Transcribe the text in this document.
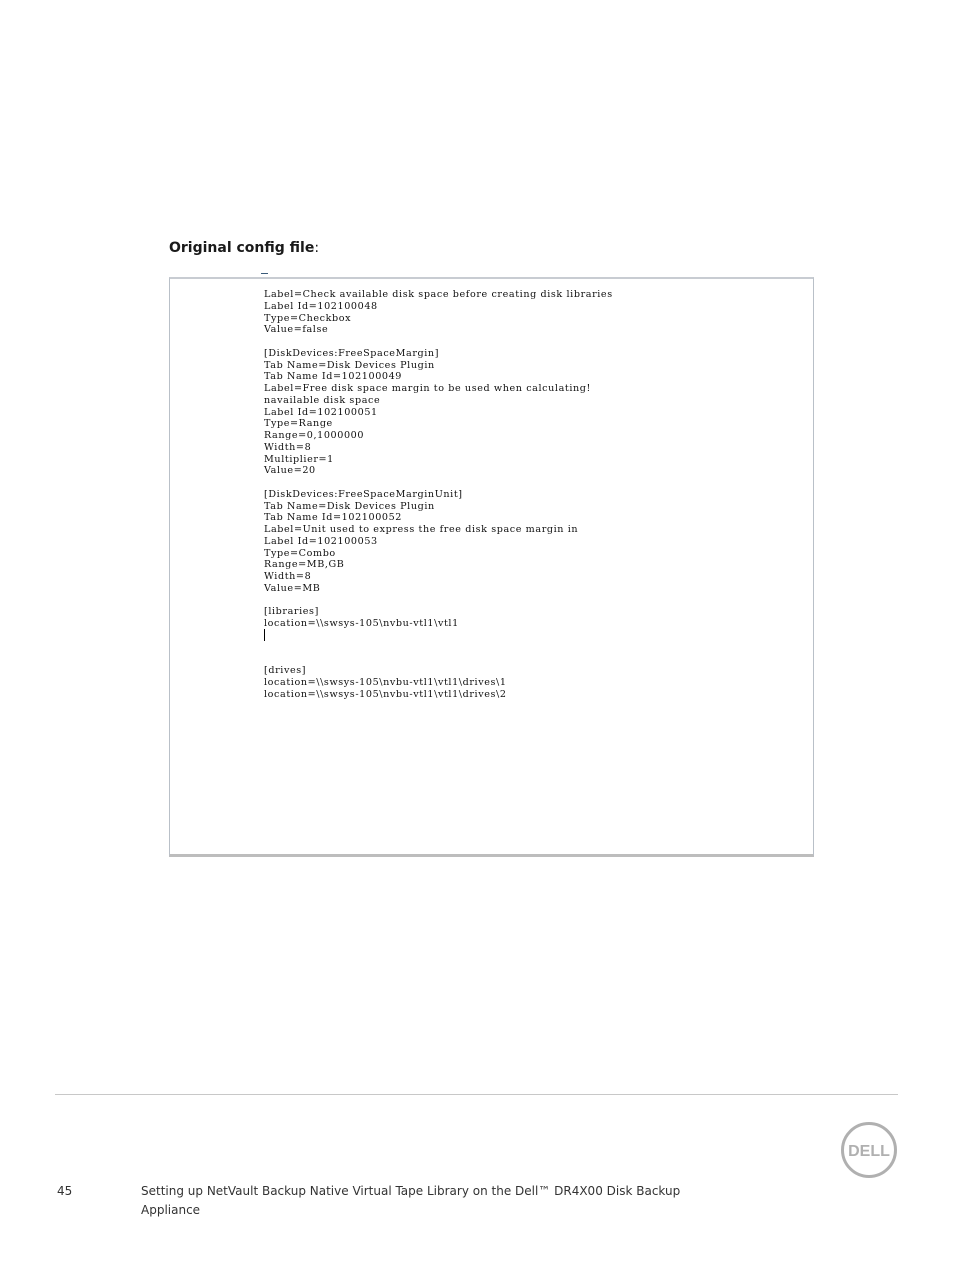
Original config file:
Label=Check available disk space before creating disk libraries
Label Id=102100048
Type=Checkbox
Value=false

[DiskDevices:FreeSpaceMargin]
Tab Name=Disk Devices Plugin
Tab Name Id=102100049
Label=Free disk space margin to be used when calculating!
navailable disk space
Label Id=102100051
Type=Range
Range=0,1000000
Width=8
Multiplier=1
Value=20

[DiskDevices:FreeSpaceMarginUnit]
Tab Name=Disk Devices Plugin
Tab Name Id=102100052
Label=Unit used to express the free disk space margin in
Label Id=102100053
Type=Combo
Range=MB,GB
Width=8
Value=MB

[libraries]
location=\\swsys-105\nvbu-vtl1\vtl1

[drives]
location=\\swsys-105\nvbu-vtl1\vtl1\drives\1
location=\\swsys-105\nvbu-vtl1\vtl1\drives\2
45	Setting up NetVault Backup Native Virtual Tape Library on the Dell™ DR4X00 Disk Backup
Appliance
DELL
